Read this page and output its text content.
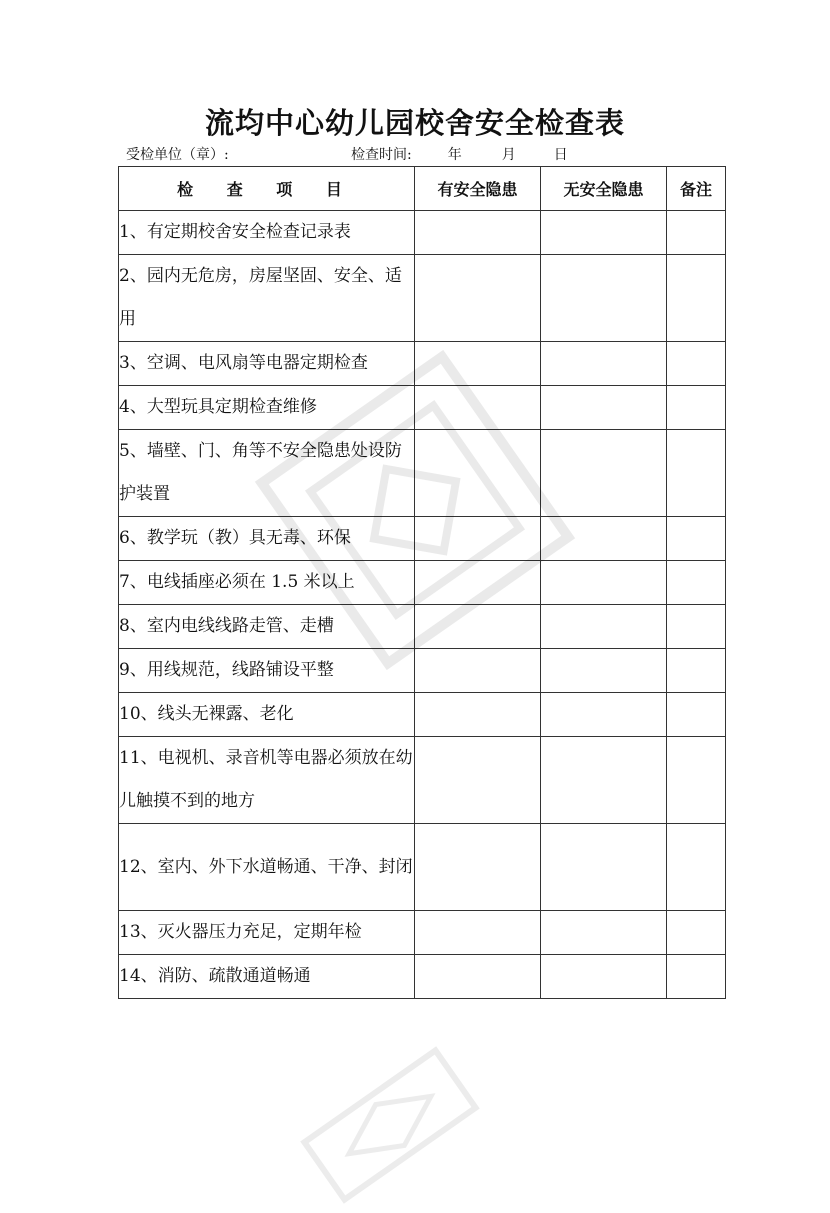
流均中心幼儿园校舍安全检查表
受检单位（章）:	检查时间:	年	月	日
检 查 项 目	有安全隐患	无安全隐患	备注
1、有定期校舍安全检查记录表			
2、园内无危房，房屋坚固、安全、适用			
3、空调、电风扇等电器定期检查			
4、大型玩具定期检查维修			
5、墙壁、门、角等不安全隐患处设防护装置			
6、教学玩（教）具无毒、环保			
7、电线插座必须在 1.5 米以上			
8、室内电线线路走管、走槽			
9、用线规范，线路铺设平整			
10、线头无裸露、老化			
11、电视机、录音机等电器必须放在幼儿触摸不到的地方			
12、室内、外下水道畅通、干净、封闭			
13、灭火器压力充足，定期年检			
14、消防、疏散通道畅通			
